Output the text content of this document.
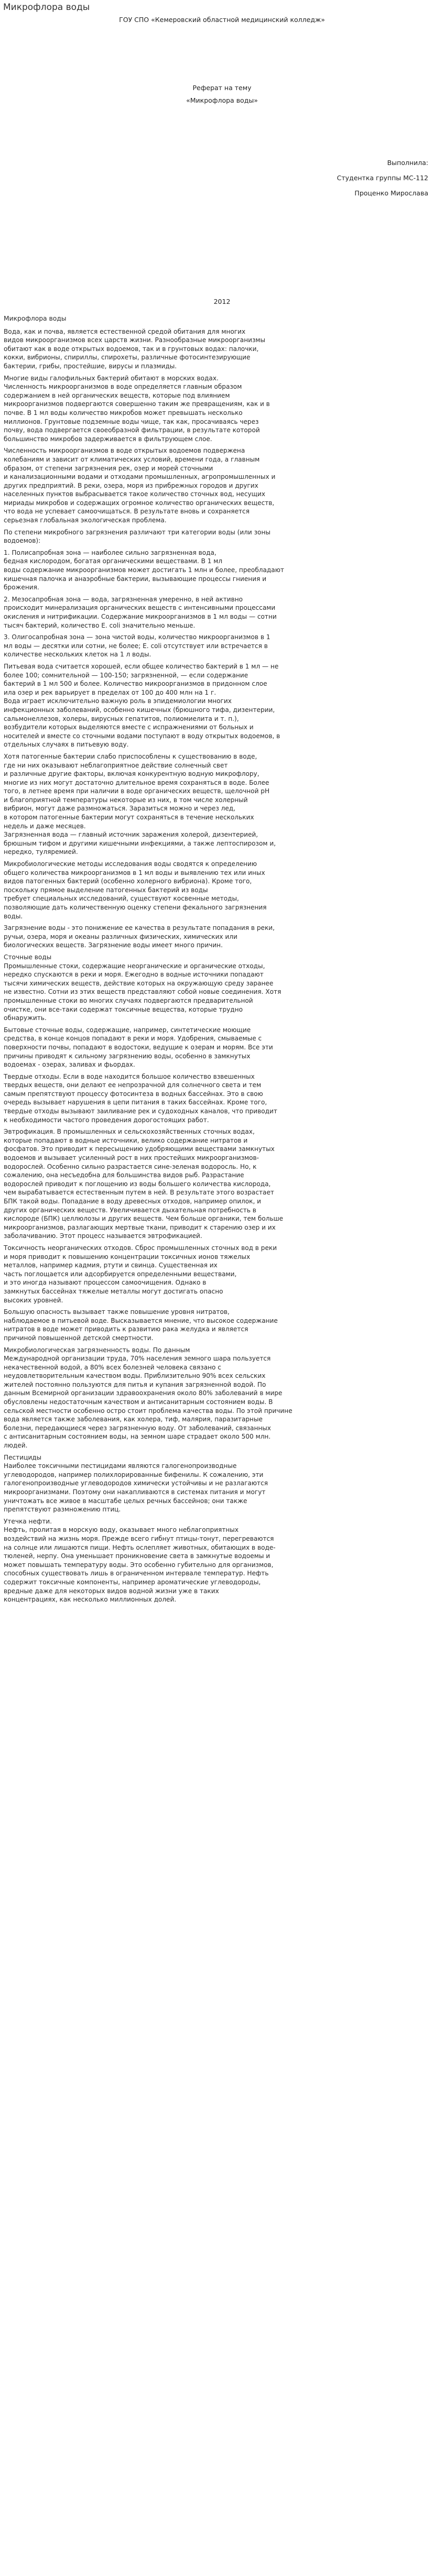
Микрофлора воды
ГОУ СПО «Кемеровский областной медицинский колледж»
Реферат на тему
«Микрофлора воды»
Выполнила:
Студентка группы МС-112
Проценко Мирослава
2012
Микрофлора воды

Вода, как и почва, является естественной средой обитания для многих
видов микроорганизмов всех царств жизни. Разнообразные микроорганизмы
обитают как в водe открытых водоемов, так и в грунтовых водах: палочки,
кокки, вибрионы, спириллы, спирохеты, различные фотосинтезирующие
бактерии, грибы, простейшие, вирусы и плазмиды.

Многие виды галофильных бактерий обитают в морских водах.
Численность микроорганизмов в воде определяется главным образом
содержанием в ней органических веществ, которые под влиянием
микроорганизмов подвергаются совершенно таким же превращениям, как и в
почве. В 1 мл воды количество микробов может превышать несколько
миллионов. Грунтовые подземные воды чище, так как, просачиваясь через
почву, вода подвергается своеобразной фильтрации, в результате которой
большинство микробов задерживается в фильтрующем слое.

Численность микроорганизмов в воде открытых водоемов подвержена
колебаниям и зависит от климатических условий, времени года, а главным
образом, от степени загрязнения рек, озер и морей сточными
и канализационными водами и отходами промышленных, агропромышленных и
других предприятий. В реки, озера, моря из прибрежных городов и других
населенных пунктов выбрасывается такое количество сточных вод, несущих
мириады микробов и содержащих огромное количество органических веществ,
что вода не успевает самоочищаться. В результате вновь и сохраняется
серьезная глобальная экологическая проблема.

По степени микробного загрязнения различают три категории воды (или зоны
водоемов):

1. Полисапробная зона — наиболее сильно загрязненная вода,
бедная кислородом, богатая органическими веществами. В 1 мл
воды содержание микроорганизмов может достигать 1 млн и более, преобладают
кишечная палочка и анаэробные бактерии, вызывающие процессы гниения и
брожения.

2. Мезосапробная зона — вода, загрязненная умеренно, в ней активно
происходит минерализация органических веществ с интенсивными процессами
окисления и нитрификации. Содержание микроорганизмов в 1 мл воды — сотни
тысяч бактерий, количество E. coli значительно меньше.

3. Олигосапробная зона — зона чистой воды, количество микроорганизмов в 1
мл воды — десятки или сотни, не более; E. coli отсутствует или встречается в
количестве нескольких клеток на 1 л воды.

Питьевая вода считается хорошей, если общее количество бактерий в 1 мл — не
более 100; сомнительной — 100-150; загрязненной, — если содержание
бактерий в 1 мл 500 и более. Количество микроорганизмов в придонном слое
ила озер и рек варьирует в пределах от 100 до 400 млн на 1 г.
Вода играет исключительно важную роль в эпидемиологии многих
инфекционных заболеваний, особенно кишечных (брюшного тифа, дизентерии,
сальмонеллезов, холеры, вирусных гепатитов, полиомиелита и т. п.),
возбудители которых выделяются вместе с испражнениями от больных и
носителей и вместе со сточными водами поступают в воду открытых водоемов, в
отдельных случаях в питьевую воду.

Хотя патогенные бактерии слабо приспособлены к существованию в воде,
где ни них оказывают неблагоприятное действие солнечный свет
и различные другие факторы, включая конкурентную водную микрофлору,
многие из них могут достаточно длительное время сохраняться в воде. Более
того, в летнее время при наличии в воде органических веществ, щелочной рН
и благоприятной температуры некоторые из них, в том числе холерный
вибрион, могут даже размножаться. Заразиться можно и через лед,
в котором патогенные бактерии могут сохраняться в течение нескольких
недель и даже месяцев.
Загрязненная вода — главный источник заражения холерой, дизентерией,
брюшным тифом и другими кишечными инфекциями, а также лептоспирозом и,
нередко, туляремией.

Микробиологические методы исследования воды сводятся к определению
общего количества микроорганизмов в 1 мл воды и выявлению тех или иных
видов патогенных бактерий (особенно холерного вибриона). Кроме того,
поскольку прямое выделение патогенных бактерий из воды
требует специальных исследований, существуют косвенные методы,
позволяющие дать количественную оценку степени фекального загрязнения
воды.

Загрязнение воды - это понижение ее качества в результате попадания в реки,
ручьи, озера, моря и океаны различных физических, химических или
биологических веществ. Загрязнение воды имеет много причин.

Сточные воды
Промышленные стоки, содержащие неорганические и органические отходы,
нередко спускаются в реки и моря. Ежегодно в водные источники попадают
тысячи химических веществ, действие которых на окружающую среду заранее
не известно. Сотни из этих веществ представляют собой новые соединения. Хотя
промышленные стоки во многих случаях подвергаются предварительной
очистке, они все-таки содержат токсичные вещества, которые трудно
обнаружить.

Бытовые сточные воды, содержащие, например, синтетические моющие
средства, в конце концов попадают в реки и моря. Удобрения, смываемые с
поверхности почвы, попадают в водостоки, ведущие к озерам и морям. Все эти
причины приводят к сильному загрязнению воды, особенно в замкнутых
водоемах - озерах, заливах и фьордах.

Твердые отходы. Если в воде находится большое количество взвешенных
твердых веществ, они делают ее непрозрачной для солнечного света и тем
самым препятствуют процессу фотосинтеза в водных бассейнах. Это в свою
очередь вызывает нарушения в цепи питания в таких бассейнах. Кроме того,
твердые отходы вызывают заиливание рек и судоходных каналов, что приводит
к необходимости частого проведения дорогостоящих работ.

Эвтрофикация. В промышленных и сельскохозяйственных сточных водах,
которые попадают в водные источники, велико содержание нитратов и
фосфатов. Это приводит к пересыщению удобряющими веществами замкнутых
водоемов и вызывает усиленный рост в них простейших микроорганизмов-
водорослей. Особенно сильно разрастается сине-зеленая водоросль. Но, к
сожалению, она несъедобна для большинства видов рыб. Разрастание
водорослей приводит к поглощению из воды большего количества кислорода,
чем вырабатывается естественным путем в ней. В результате этого возрастает
БПК такой воды. Попадание в воду древесных отходов, например опилок, и
других органических веществ. Увеличивается дыхательная потребность в
кислороде (БПК) целлюлозы и других веществ. Чем больше органики, тем больше
микроорганизмов, разлагающих мертвые ткани, приводит к старению озер и их
заболачиванию. Этот процесс называется эвтрофикацией.

Токсичность неорганических отходов. Сброс промышленных сточных вод в реки
и моря приводит к повышению концентрации токсичных ионов тяжелых
металлов, например кадмия, ртути и свинца. Существенная их
часть поглощается или адсорбируется определенными веществами,
и это иногда называют процессом самоочищения. Однако в
замкнутых бассейнах тяжелые металлы могут достигать опасно
высоких уровней.

Большую опасность вызывает также повышение уровня нитратов,
наблюдаемое в питьевой воде. Высказывается мнение, что высокое содержание
нитратов в воде может приводить к развитию рака желудка и является
причиной повышенной детской смертности.

Микробиологическая загрязненность воды. По данным
Международной организации труда, 70% населения земного шара пользуется
некачественной водой, а 80% всех болезней человека связано с
неудовлетворительным качеством воды. Приблизительно 90% всех сельских
жителей постоянно пользуются для питья и купания загрязненной водой. По
данным Всемирной организации здравоохранения около 80% заболеваний в мире
обусловлены недостаточным качеством и антисанитарным состоянием воды. В
сельской местности особенно остро стоит проблема качества воды. По этой причине
вода является также заболевания, как холера, тиф, малярия, паразитарные
болезни, передающиеся через загрязненную воду. От заболеваний, связанных
с антисанитарным состоянием воды, на земном шаре страдает около 500 млн.
людей.

Пестициды
Наиболее токсичными пестицидами являются галогенопроизводные
углеводородов, например полихлорированные бифенилы. К сожалению, эти
галогенопроизводные углеводородов химически устойчивы и не разлагаются
микроорганизмами. Поэтому они накапливаются в системах питания и могут
уничтожать все живое в масштабе целых речных бассейнов; они также
препятствуют размножению птиц.

Утечка нефти.
Нефть, пролитая в морскую воду, оказывает много неблагоприятных
воздействий на жизнь моря. Прежде всего гибнут птицы-тонут, перегреваются
на солнце или лишаются пищи. Нефть ослепляет животных, обитающих в воде-
тюленей, нерпу. Она уменьшает проникновение света в замкнутые водоемы и
может повышать температуру воды. Это особенно губительно для организмов,
способных существовать лишь в ограниченном интервале температур. Нефть
содержит токсичные компоненты, например ароматические углеводороды,
вредные даже для некоторых видов водной жизни уже в таких
концентрациях, как несколько миллионных долей.
